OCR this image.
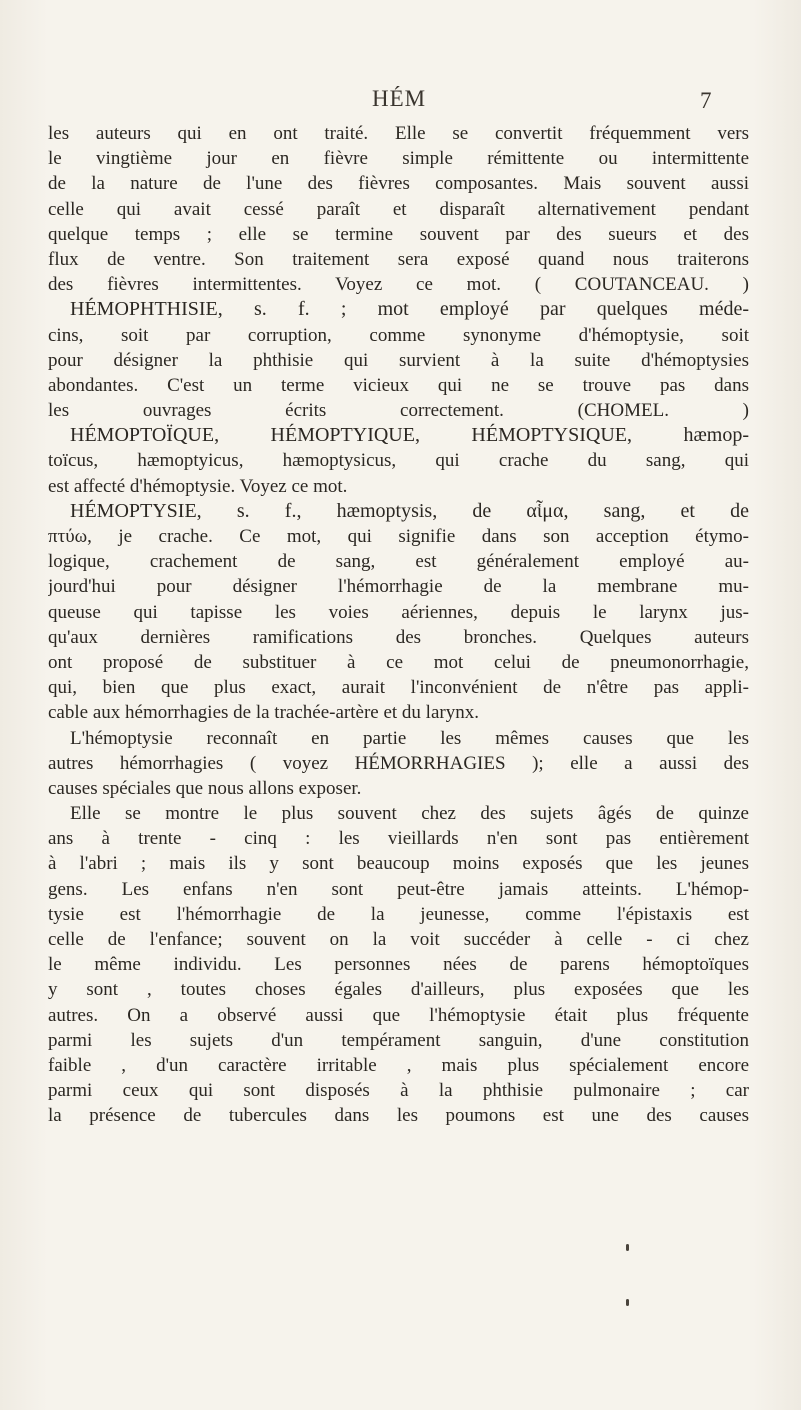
HÉM	7
les auteurs qui en ont traité. Elle se convertit fréquemment vers
le vingtième jour en fièvre simple rémittente ou intermittente
de la nature de l'une des fièvres composantes. Mais souvent aussi
celle qui avait cessé paraît et disparaît alternativement pendant
quelque temps ; elle se termine souvent par des sueurs et des
flux de ventre. Son traitement sera exposé quand nous traiterons
des fièvres intermittentes. Voyez ce mot. ( COUTANCEAU. )
HÉMOPHTHISIE, s. f. ; mot employé par quelques méde-
cins, soit par corruption, comme synonyme d'hémoptysie, soit
pour désigner la phthisie qui survient à la suite d'hémoptysies
abondantes. C'est un terme vicieux qui ne se trouve pas dans
les ouvrages écrits correctement. (CHOMEL. )
HÉMOPTOÏQUE, HÉMOPTYIQUE, HÉMOPTYSIQUE, hæmop-
toïcus, hæmoptyicus, hæmoptysicus, qui crache du sang, qui
est affecté d'hémoptysie. Voyez ce mot.
HÉMOPTYSIE, s. f., hæmoptysis, de αἷμα, sang, et de
πτύω, je crache. Ce mot, qui signifie dans son acception étymo-
logique, crachement de sang, est généralement employé au-
jourd'hui pour désigner l'hémorrhagie de la membrane mu-
queuse qui tapisse les voies aériennes, depuis le larynx jus-
qu'aux dernières ramifications des bronches. Quelques auteurs
ont proposé de substituer à ce mot celui de pneumonorrhagie,
qui, bien que plus exact, aurait l'inconvénient de n'être pas appli-
cable aux hémorrhagies de la trachée-artère et du larynx.
L'hémoptysie reconnaît en partie les mêmes causes que les
autres hémorrhagies ( voyez HÉMORRHAGIES ); elle a aussi des
causes spéciales que nous allons exposer.
Elle se montre le plus souvent chez des sujets âgés de quinze
ans à trente - cinq : les vieillards n'en sont pas entièrement
à l'abri ; mais ils y sont beaucoup moins exposés que les jeunes
gens. Les enfans n'en sont peut-être jamais atteints. L'hémop-
tysie est l'hémorrhagie de la jeunesse, comme l'épistaxis est
celle de l'enfance; souvent on la voit succéder à celle - ci chez
le même individu. Les personnes nées de parens hémoptoïques
y sont , toutes choses égales d'ailleurs, plus exposées que les
autres. On a observé aussi que l'hémoptysie était plus fréquente
parmi les sujets d'un tempérament sanguin, d'une constitution
faible , d'un caractère irritable , mais plus spécialement encore
parmi ceux qui sont disposés à la phthisie pulmonaire ; car
la présence de tubercules dans les poumons est une des causes
